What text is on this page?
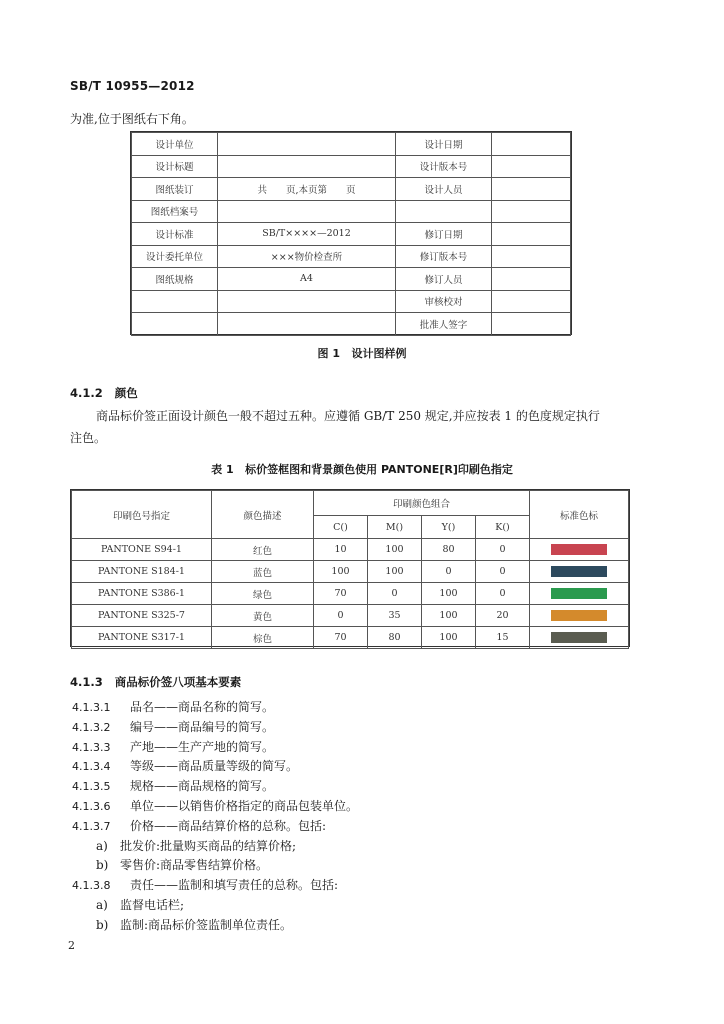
SB/T 10955—2012
为准,位于图纸右下角。
设计单位		设计日期	
设计标题		设计版本号	
图纸装订	共　　页,本页第　　页	设计人员	
图纸档案号			
设计标准	SB/T××××—2012	修订日期	
设计委托单位	×××物价检查所	修订版本号	
图纸规格	A4	修订人员	
		审核校对	
		批准人签字	
图 1 设计图样例
4.1.2 颜色
商品标价签正面设计颜色一般不超过五种。应遵循 GB/T 250 规定,并应按表 1 的色度规定执行
注色。
表 1 标价签框图和背景颜色使用 PANTONE[R]印刷色指定
印刷色号指定	颜色描述	印刷颜色组合				标准色标
		C()	M()	Y()	K()	
PANTONE S94-1	红色	10	100	80	0	
PANTONE S184-1	蓝色	100	100	0	0	
PANTONE S386-1	绿色	70	0	100	0	
PANTONE S325-7	黄色	0	35	100	20	
PANTONE S317-1	棕色	70	80	100	15	
4.1.3 商品标价签八项基本要素
4.1.3.1 品名——商品名称的简写。
4.1.3.2 编号——商品编号的简写。
4.1.3.3 产地——生产产地的简写。
4.1.3.4 等级——商品质量等级的简写。
4.1.3.5 规格——商品规格的简写。
4.1.3.6 单位——以销售价格指定的商品包装单位。
4.1.3.7 价格——商品结算价格的总称。包括:
a) 批发价:批量购买商品的结算价格;
b) 零售价:商品零售结算价格。
4.1.3.8 责任——监制和填写责任的总称。包括:
a) 监督电话栏;
b) 监制:商品标价签监制单位责任。
2
